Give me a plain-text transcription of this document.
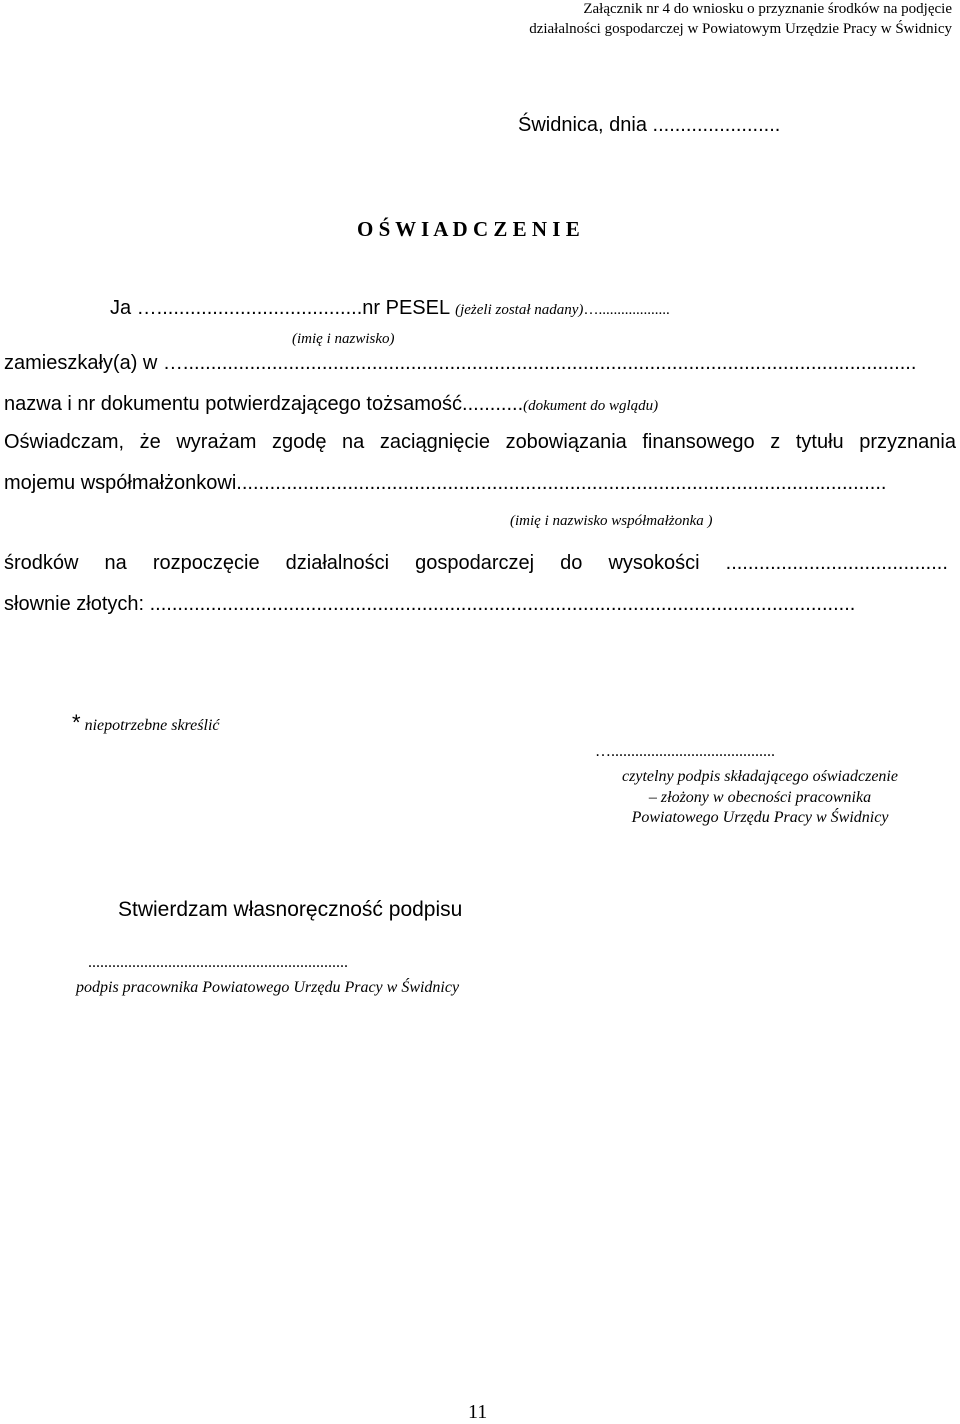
Załącznik nr 4 do wniosku o przyznanie środków na podjęcie
działalności gospodarczej w Powiatowym Urzędzie Pracy w Świdnicy
Świdnica, dnia .......................
O Ś W I A D C Z E N I E
Ja ….....................................nr PESEL (jeżeli został nadany)…...................
(imię i nazwisko)
zamieszkały(a) w …....................................................................................................................................
nazwa i nr dokumentu potwierdzającego tożsamość...........(dokument do wglądu)
Oświadczam, że wyrażam zgodę na zaciągnięcie zobowiązania finansowego z tytułu przyznania
mojemu współmałżonkowi.....................................................................................................................
(imię i nazwisko współmałżonka )
środków na rozpoczęcie działalności gospodarczej do wysokości ........................................
słownie złotych: ...............................................................................................................................
* niepotrzebne skreślić
….........................................
czytelny podpis składającego oświadczenie
– złożony w obecności pracownika
Powiatowego Urzędu Pracy w Świdnicy
Stwierdzam własnoręczność podpisu
.................................................................
podpis pracownika Powiatowego Urzędu Pracy w Świdnicy
11
